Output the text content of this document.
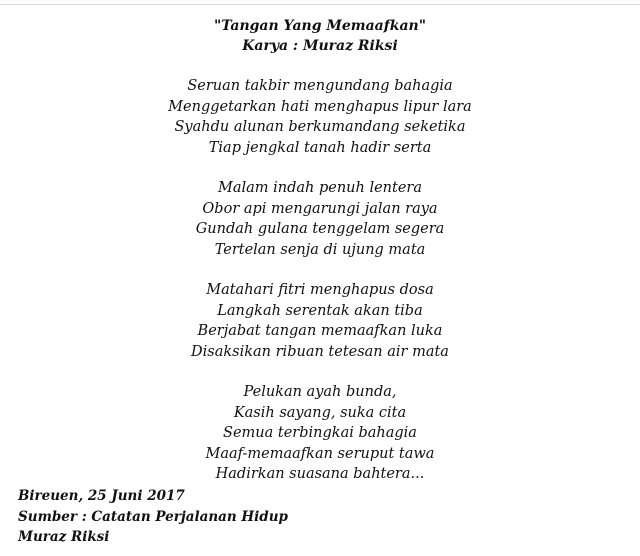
"Tangan Yang Memaafkan"

Karya : Muraz Riksi

Seruan takbir mengundang bahagia

Menggetarkan hati menghapus lipur lara

Syahdu alunan berkumandang seketika

Tiap jengkal tanah hadir serta

Malam indah penuh lentera

Obor api mengarungi jalan raya

Gundah gulana tenggelam segera

Tertelan senja di ujung mata

Matahari fitri menghapus dosa

Langkah serentak akan tiba

Berjabat tangan memaafkan luka

Disaksikan ribuan tetesan air mata

Pelukan ayah bunda,

Kasih sayang, suka cita

Semua terbingkai bahagia

Maaf-memaafkan seruput tawa

Hadirkan suasana bahtera...

Bireuen, 25 Juni 2017
Sumber : Catatan Perjalanan Hidup
Muraz Riksi
